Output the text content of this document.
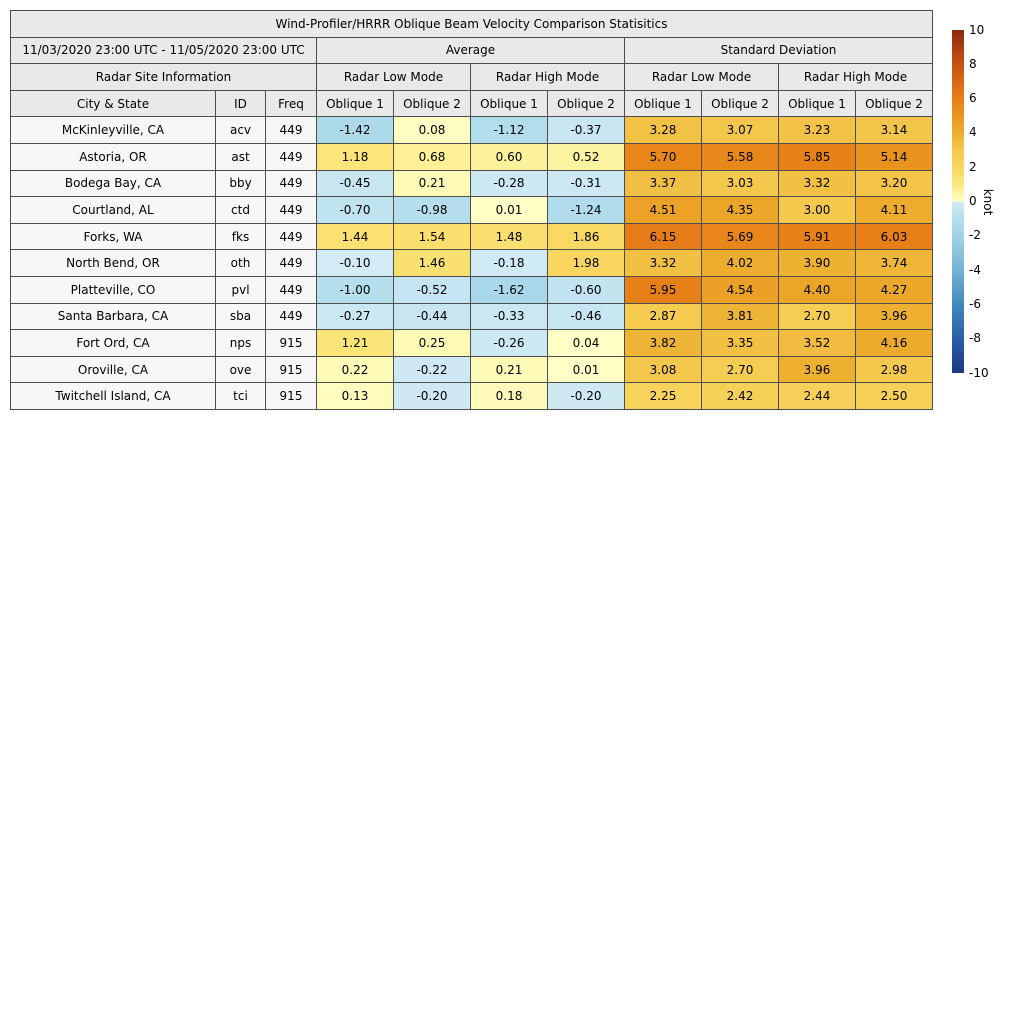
Wind-Profiler/HRRR Oblique Beam Velocity Comparison Statisitics										
11/03/2020 23:00 UTC - 11/05/2020 23:00 UTC			Average				Standard Deviation			
Radar Site Information			Radar Low Mode		Radar High Mode		Radar Low Mode		Radar High Mode	
City & State	ID	Freq	Oblique 1	Oblique 2	Oblique 1	Oblique 2	Oblique 1	Oblique 2	Oblique 1	Oblique 2
McKinleyville, CA	acv	449	-1.42	0.08	-1.12	-0.37	3.28	3.07	3.23	3.14
Astoria, OR	ast	449	1.18	0.68	0.60	0.52	5.70	5.58	5.85	5.14
Bodega Bay, CA	bby	449	-0.45	0.21	-0.28	-0.31	3.37	3.03	3.32	3.20
Courtland, AL	ctd	449	-0.70	-0.98	0.01	-1.24	4.51	4.35	3.00	4.11
Forks, WA	fks	449	1.44	1.54	1.48	1.86	6.15	5.69	5.91	6.03
North Bend, OR	oth	449	-0.10	1.46	-0.18	1.98	3.32	4.02	3.90	3.74
Platteville, CO	pvl	449	-1.00	-0.52	-1.62	-0.60	5.95	4.54	4.40	4.27
Santa Barbara, CA	sba	449	-0.27	-0.44	-0.33	-0.46	2.87	3.81	2.70	3.96
Fort Ord, CA	nps	915	1.21	0.25	-0.26	0.04	3.82	3.35	3.52	4.16
Oroville, CA	ove	915	0.22	-0.22	0.21	0.01	3.08	2.70	3.96	2.98
Twitchell Island, CA	tci	915	0.13	-0.20	0.18	-0.20	2.25	2.42	2.44	2.50
10
8
6
4
2
0
-2
-4
-6
-8
-10
knot
